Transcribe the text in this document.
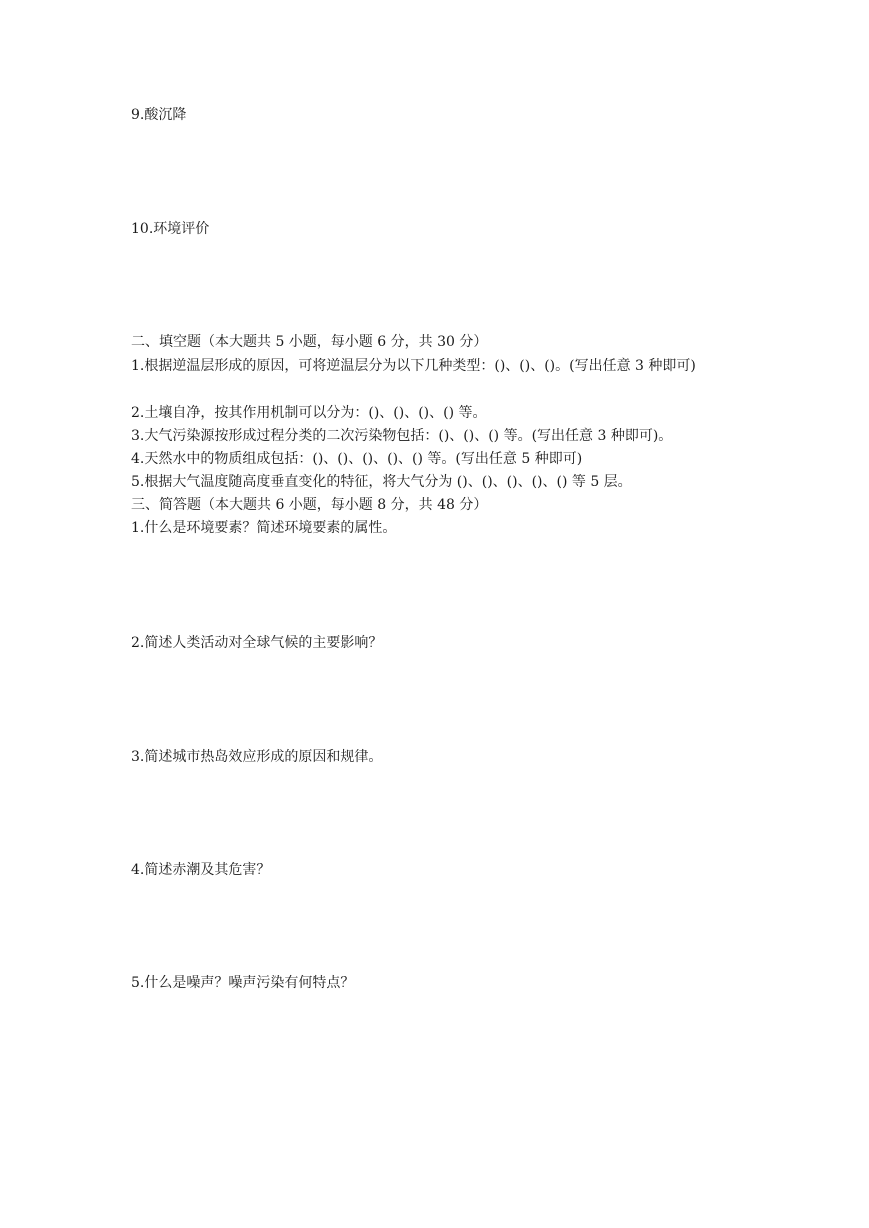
9.酸沉降
10.环境评价
二、填空题（本大题共 5 小题，每小题 6 分，共 30 分）
1.根据逆温层形成的原因，可将逆温层分为以下几种类型：()、()、()。(写出任意 3 种即可)
2.土壤自净，按其作用机制可以分为：()、()、()、() 等。
3.大气污染源按形成过程分类的二次污染物包括：()、()、() 等。(写出任意 3 种即可)。
4.天然水中的物质组成包括：()、()、()、()、() 等。(写出任意 5 种即可)
5.根据大气温度随高度垂直变化的特征，将大气分为 ()、()、()、()、() 等 5 层。
三、简答题（本大题共 6 小题，每小题 8 分，共 48 分）
1.什么是环境要素？简述环境要素的属性。
2.简述人类活动对全球气候的主要影响？
3.简述城市热岛效应形成的原因和规律。
4.简述赤潮及其危害？
5.什么是噪声？噪声污染有何特点？
